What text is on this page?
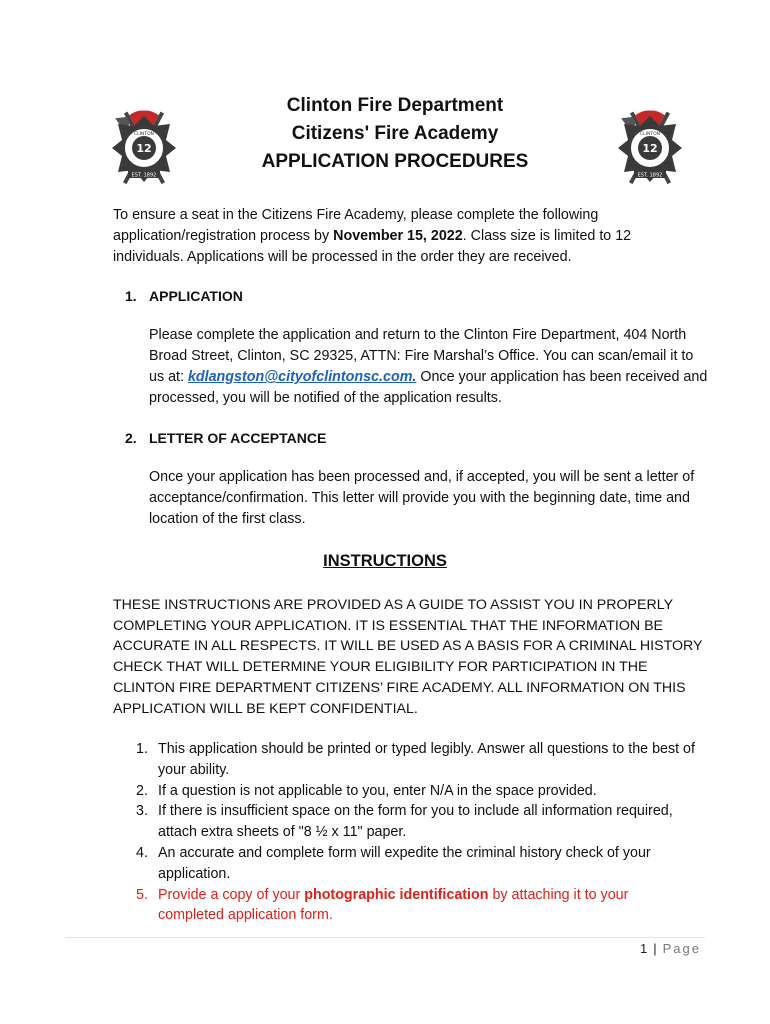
12
CLINTON
EST. 1892
12
CLINTON
EST. 1892
Clinton Fire Department
Citizens' Fire Academy
APPLICATION PROCEDURES
To ensure a seat in the Citizens Fire Academy, please complete the following application/registration process by November 15, 2022. Class size is limited to 12 individuals. Applications will be processed in the order they are received.
1. APPLICATION
Please complete the application and return to the Clinton Fire Department, 404 North Broad Street, Clinton, SC 29325, ATTN: Fire Marshal’s Office. You can scan/email it to us at: kdlangston@cityofclintonsc.com. Once your application has been received and processed, you will be notified of the application results.
2. LETTER OF ACCEPTANCE
Once your application has been processed and, if accepted, you will be sent a letter of acceptance/confirmation. This letter will provide you with the beginning date, time and location of the first class.
INSTRUCTIONS
THESE INSTRUCTIONS ARE PROVIDED AS A GUIDE TO ASSIST YOU IN PROPERLY COMPLETING YOUR APPLICATION. IT IS ESSENTIAL THAT THE INFORMATION BE ACCURATE IN ALL RESPECTS. IT WILL BE USED AS A BASIS FOR A CRIMINAL HISTORY CHECK THAT WILL DETERMINE YOUR ELIGIBILITY FOR PARTICIPATION IN THE CLINTON FIRE DEPARTMENT CITIZENS’ FIRE ACADEMY. ALL INFORMATION ON THIS APPLICATION WILL BE KEPT CONFIDENTIAL.
1. This application should be printed or typed legibly. Answer all questions to the best of your ability.
2. If a question is not applicable to you, enter N/A in the space provided.
3. If there is insufficient space on the form for you to include all information required, attach extra sheets of "8 ½ x 11" paper.
4. An accurate and complete form will expedite the criminal history check of your application.
5. Provide a copy of your photographic identification by attaching it to your completed application form.
1 | Page
